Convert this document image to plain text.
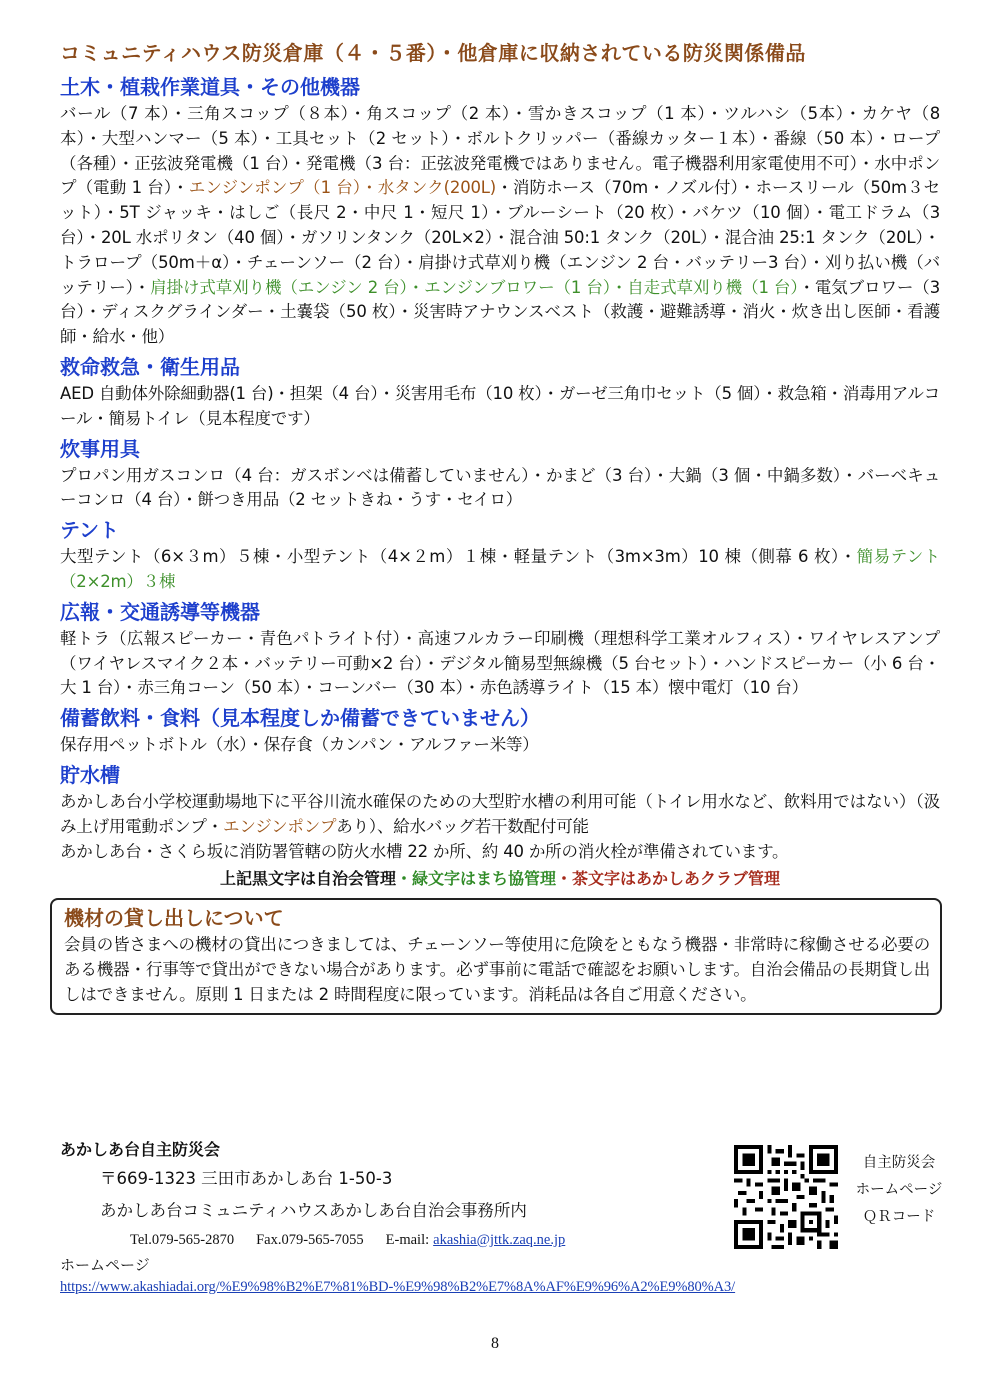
コミュニティハウス防災倉庫（４・５番）・他倉庫に収納されている防災関係備品
土木・植栽作業道具・その他機器

バール（7 本）・三角スコップ（８本）・角スコップ（2 本）・雪かきスコップ（1 本）・ツルハシ（5本）・カケヤ（8 本）・大型ハンマー（5 本）・工具セット（2 セット）・ボルトクリッパー（番線カッター１本）・番線（50 本）・ロープ（各種）・正弦波発電機（1 台）・発電機（3 台：正弦波発電機ではありません。電子機器利用家電使用不可）・水中ポンプ（電動 1 台）・エンジンポンプ（1 台）・水タンク(200L)・消防ホース（70m・ノズル付）・ホースリール（50m３セット）・5T ジャッキ・はしご（長尺 2・中尺 1・短尺 1）・ブルーシート（20 枚）・バケツ（10 個）・電工ドラム（3 台）・20L 水ポリタン（40 個）・ガソリンタンク（20L×2）・混合油 50:1 タンク（20L）・混合油 25:1 タンク（20L）・トラロープ（50m＋α）・チェーンソー（2 台）・肩掛け式草刈り機（エンジン 2 台・バッテリー3 台）・刈り払い機（バッテリー）・肩掛け式草刈り機（エンジン 2 台）・エンジンブロワー（1 台）・自走式草刈り機（1 台）・電気ブロワー（3 台）・ディスクグラインダー・土嚢袋（50 枚）・災害時アナウンスベスト（救護・避難誘導・消火・炊き出し医師・看護師・給水・他）

救命救急・衛生用品

AED 自動体外除細動器(1 台)・担架（4 台）・災害用毛布（10 枚）・ガーゼ三角巾セット（5 個）・救急箱・消毒用アルコール・簡易トイレ（見本程度です）

炊事用具

プロパン用ガスコンロ（4 台：ガスボンベは備蓄していません）・かまど（3 台）・大鍋（3 個・中鍋多数）・バーベキューコンロ（4 台）・餅つき用品（2 セットきね・うす・セイロ）

テント

大型テント（6×３m）５棟・小型テント（4×２m）１棟・軽量テント（3m×3m）10 棟（側幕 6 枚）・簡易テント（2×2m）３棟

広報・交通誘導等機器

軽トラ（広報スピーカー・青色パトライト付）・高速フルカラー印刷機（理想科学工業オルフィス）・ワイヤレスアンプ（ワイヤレスマイク２本・バッテリー可動×2 台）・デジタル簡易型無線機（5 台セット）・ハンドスピーカー（小 6 台・大 1 台）・赤三角コーン（50 本）・コーンバー（30 本）・赤色誘導ライト（15 本）懐中電灯（10 台）

備蓄飲料・食料（見本程度しか備蓄できていません）

保存用ペットボトル（水）・保存食（カンパン・アルファー米等）

貯水槽

あかしあ台小学校運動場地下に平谷川流水確保のための大型貯水槽の利用可能（トイレ用水など、飲料用ではない）（汲み上げ用電動ポンプ・エンジンポンプあり）、給水バッグ若干数配付可能

あかしあ台・さくら坂に消防署管轄の防火水槽 22 か所、約 40 か所の消火栓が準備されています。

上記黒文字は自治会管理・緑文字はまち協管理・茶文字はあかしあクラブ管理

機材の貸し出しについて

会員の皆さまへの機材の貸出につきましては、チェーンソー等使用に危険をともなう機器・非常時に稼働させる必要のある機器・行事等で貸出ができない場合があります。必ず事前に電話で確認をお願いします。自治会備品の長期貸し出しはできません。原則 1 日または 2 時間程度に限っています。消耗品は各自ご用意ください。

あかしあ台自主防災会

〒669-1323 三田市あかしあ台 1-50-3

あかしあ台コミュニティハウスあかしあ台自治会事務所内

Tel.079-565-2870 Fax.079-565-7055 E-mail: akashia@jttk.zaq.ne.jp

ホームページ

https://www.akashiadai.org/%E9%98%B2%E7%81%BD-%E9%98%B2%E7%8A%AF%E9%96%A2%E9%80%A3/

自主防災会
ホームページ
ＱＲコード
8
